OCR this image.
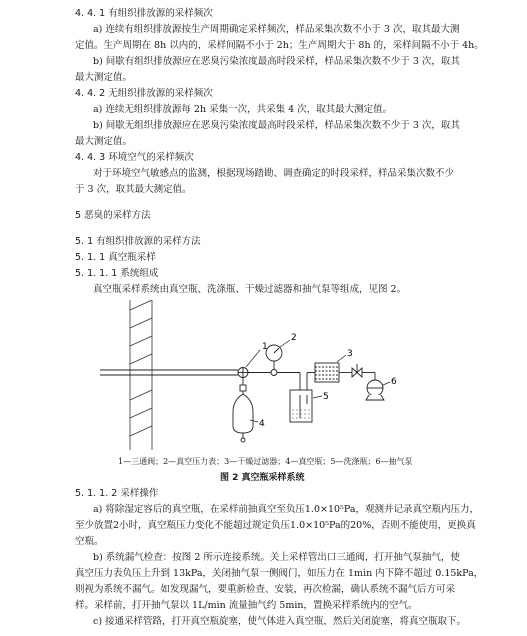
4. 4. 1 有组织排放源的采样频次
a) 连续有组织排放源按生产周期确定采样频次，样品采集次数不小于 3 次，取其最大测
定值。生产周期在 8h 以内的，采样间隔不小于 2h；生产周期大于 8h 的，采样间隔不小于 4h。
b) 间歇有组织排放源应在恶臭污染浓度最高时段采样，样品采集次数不少于 3 次，取其
最大测定值。
4. 4. 2 无组织排放源的采样频次
a) 连续无组织排放源每 2h 采集一次，共采集 4 次，取其最大测定值。
b) 间歇无组织排放源应在恶臭污染浓度最高时段采样，样品采集次数不少于 3 次，取其
最大测定值。
4. 4. 3 环境空气的采样频次
对于环境空气敏感点的监测，根据现场踏勘、调查确定的时段采样，样品采集次数不少
于 3 次，取其最大测定值。
5 恶臭的采样方法
5. 1 有组织排放源的采样方法
5. 1. 1 真空瓶采样
5. 1. 1. 1 系统组成
真空瓶采样系统由真空瓶、洗涤瓶、干燥过滤器和抽气泵等组成，见图 2。
1
2
3
4
5
6
1—三通阀；2—真空压力表；3—干燥过滤器；4—真空瓶；5—洗涤瓶；6—抽气泵
图 2 真空瓶采样系统
5. 1. 1. 2 采样操作
a) 将除湿定容后的真空瓶，在采样前抽真空至负压1.0×10⁵Pa，观测并记录真空瓶内压力，
至少放置2小时，真空瓶压力变化不能超过规定负压1.0×10⁵Pa的20%，否则不能使用，更换真
空瓶。
b) 系统漏气检查：按图 2 所示连接系统。关上采样管出口三通阀，打开抽气泵抽气，使
真空压力表负压上升到 13kPa，关闭抽气泵一侧阀门，如压力在 1min 内下降不超过 0.15kPa，
则视为系统不漏气。如发现漏气，要重新检查、安装，再次检漏，确认系统不漏气后方可采
样。采样前，打开抽气泵以 1L/min 流量抽气约 5min，置换采样系统内的空气。
c) 接通采样管路，打开真空瓶旋塞，使气体进入真空瓶，然后关闭旋塞，将真空瓶取下。
